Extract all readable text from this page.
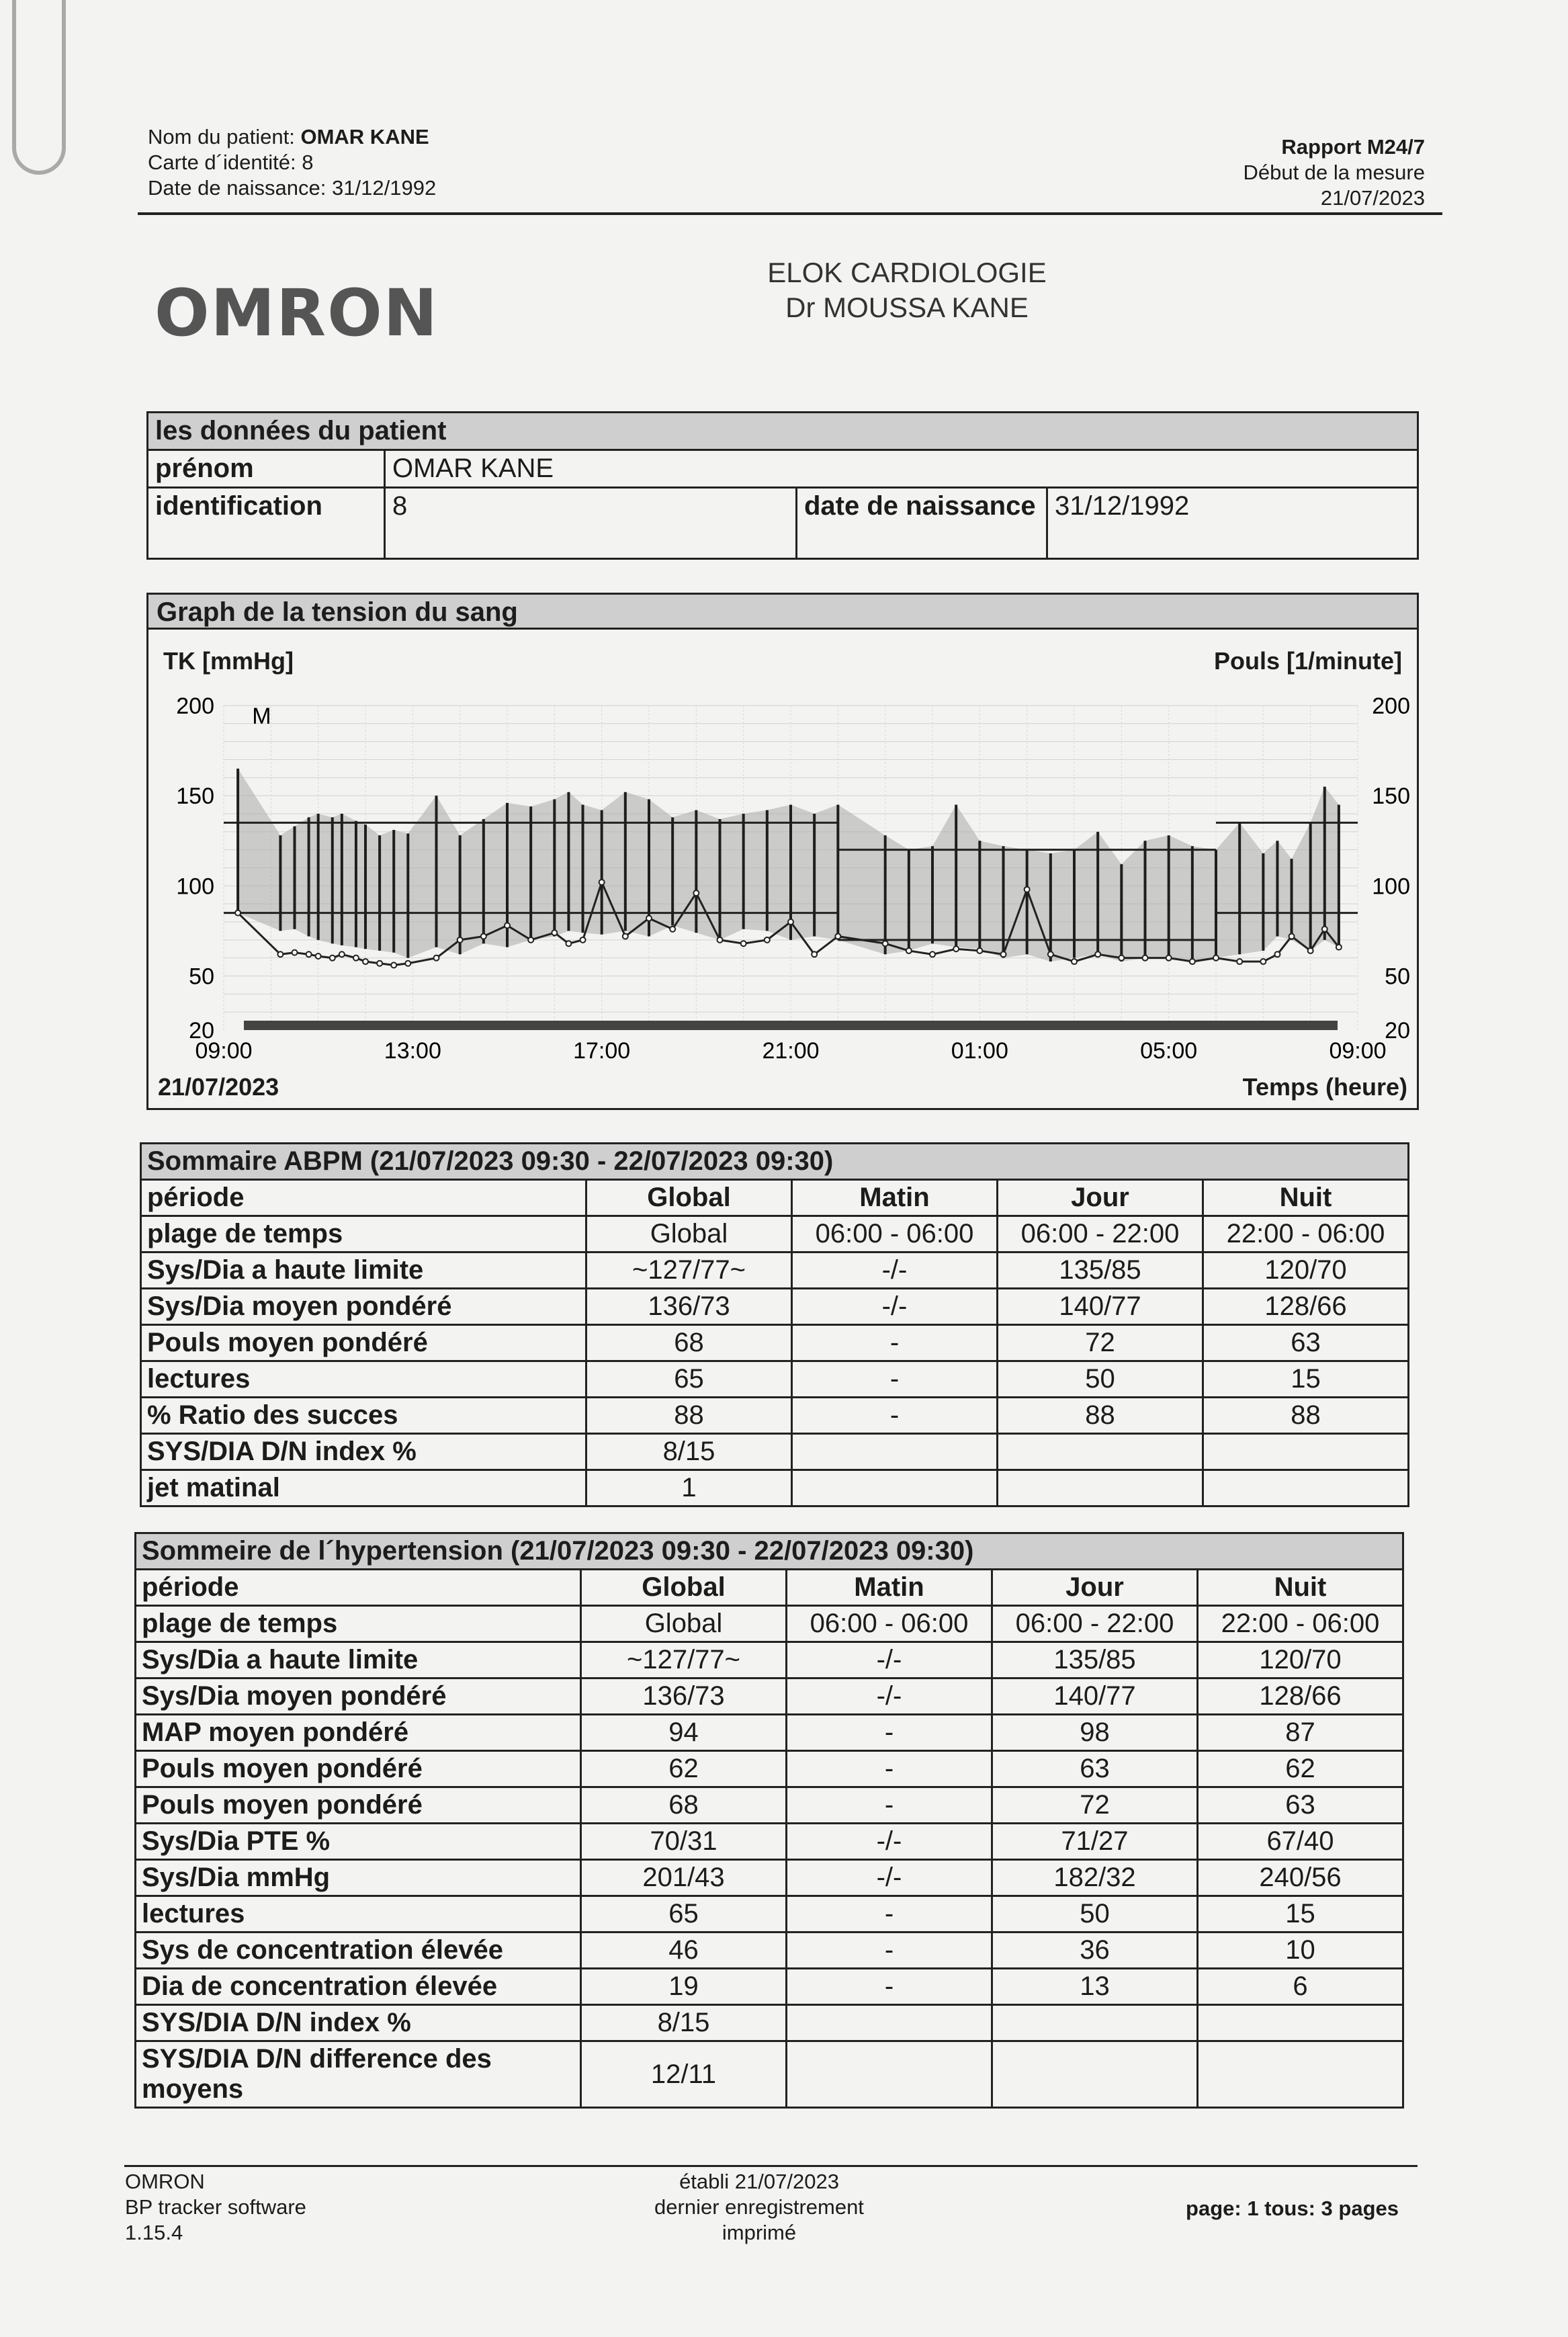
Nom du patient: OMAR KANE
Carte d´identité: 8
Date de naissance: 31/12/1992
Rapport M24/7
Début de la mesure
21/07/2023
OMRON
ELOK CARDIOLOGIE
Dr MOUSSA KANE
les données du patient			
prénom	OMAR KANE		
identification	8	date de naissance	31/12/1992
Graph de la tension du sang
TK [mmHg]	Pouls [1/minute]
200	200
150	150
100	100
50	50
20	20
09:00	13:00	17:00	21:00	01:00	05:00	09:00
M
21/07/2023	Temps (heure)
Sommaire ABPM (21/07/2023 09:30 - 22/07/2023 09:30)				
période	Global	Matin	Jour	Nuit
plage de temps	Global	06:00 - 06:00	06:00 - 22:00	22:00 - 06:00
Sys/Dia a haute limite	~127/77~	-/-	135/85	120/70
Sys/Dia moyen pondéré	136/73	-/-	140/77	128/66
Pouls moyen pondéré	68	-	72	63
lectures	65	-	50	15
% Ratio des succes	88	-	88	88
SYS/DIA D/N index %	8/15			
jet matinal	1			
Sommeire de l´hypertension (21/07/2023 09:30 - 22/07/2023 09:30)				
période	Global	Matin	Jour	Nuit
plage de temps	Global	06:00 - 06:00	06:00 - 22:00	22:00 - 06:00
Sys/Dia a haute limite	~127/77~	-/-	135/85	120/70
Sys/Dia moyen pondéré	136/73	-/-	140/77	128/66
MAP moyen pondéré	94	-	98	87
Pouls moyen pondéré	62	-	63	62
Pouls moyen pondéré	68	-	72	63
Sys/Dia PTE %	70/31	-/-	71/27	67/40
Sys/Dia mmHg	201/43	-/-	182/32	240/56
lectures	65	-	50	15
Sys de concentration élevée	46	-	36	10
Dia de concentration élevée	19	-	13	6
SYS/DIA D/N index %	8/15			
SYS/DIA D/N difference des moyens	12/11			
OMRON
BP tracker software
1.15.4
établi 21/07/2023
dernier enregistrement
imprimé
page: 1 tous: 3 pages
